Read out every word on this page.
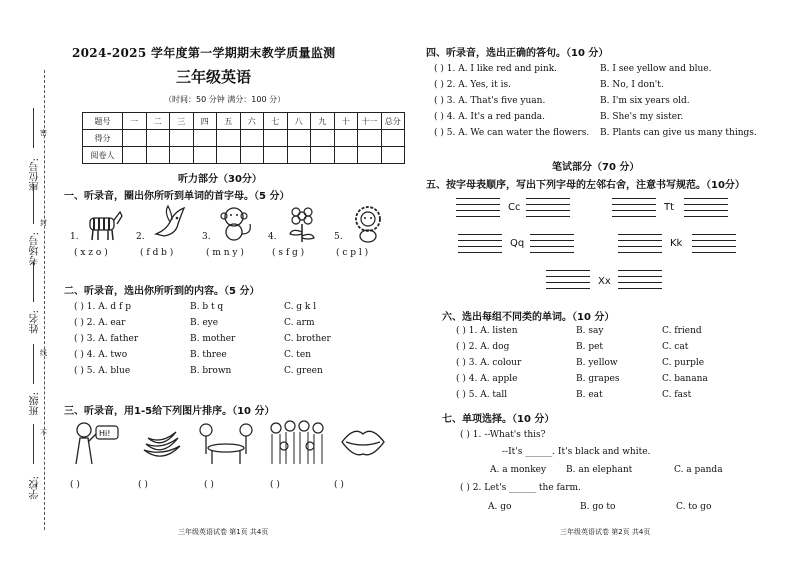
座位号:
考场号:
姓名:
班级:
学校:
密
封
线
不
2024-2025 学年度第一学期期末教学质量监测
三年级英语
（时间：50 分钟 满分：100 分）
题号	一	二	三	四	五	六	七	八	九	十	十一	总分
得分												
阅卷人												
听力部分（30分）
一、听录音，圈出你所听到单词的首字母。（5 分）
1.	2.	3.	4.	5.
( x z o )	( f d b )	( m n y )	( s f g )	( c p l )
二、听录音，选出你所听到的内容。（5 分）
( ) 1. A. d f p	B. b t q	C. g k l
( ) 2. A. ear	B. eye	C. arm
( ) 3. A. father	B. mother	C. brother
( ) 4. A. two	B. three	C. ten
( ) 5. A. blue	B. brown	C. green
三、听录音，用1-5给下列图片排序。（10 分）
Hi!
( )	( )	( )	( )	( )
三年级英语试卷 第1页 共4页
四、听录音，选出正确的答句。（10 分）
( ) 1. A. I like red and pink.	B. I see yellow and blue.
( ) 2. A. Yes, it is.	B. No, I don't.
( ) 3. A. That's five yuan.	B. I'm six years old.
( ) 4. A. It's a red panda.	B. She's my sister.
( ) 5. A. We can water the flowers. B. Plants can give us many things.
笔试部分（70 分）
五、按字母表顺序，写出下列字母的左邻右舍，注意书写规范。（10分）
Cc	Tt
Qq	Kk
Xx
六、选出每组不同类的单词。（10 分）
( ) 1. A. listen	B. say	C. friend
( ) 2. A. dog	B. pet	C. cat
( ) 3. A. colour	B. yellow	C. purple
( ) 4. A. apple	B. grapes	C. banana
( ) 5. A. tall	B. eat	C. fast
七、单项选择。（10 分）
( ) 1. --What's this?
--It's ______. It's black and white.
A. a monkey B. an elephant	C. a panda
( ) 2. Let's ______ the farm.
A. go	B. go to	C. to go
三年级英语试卷 第2页 共4页
